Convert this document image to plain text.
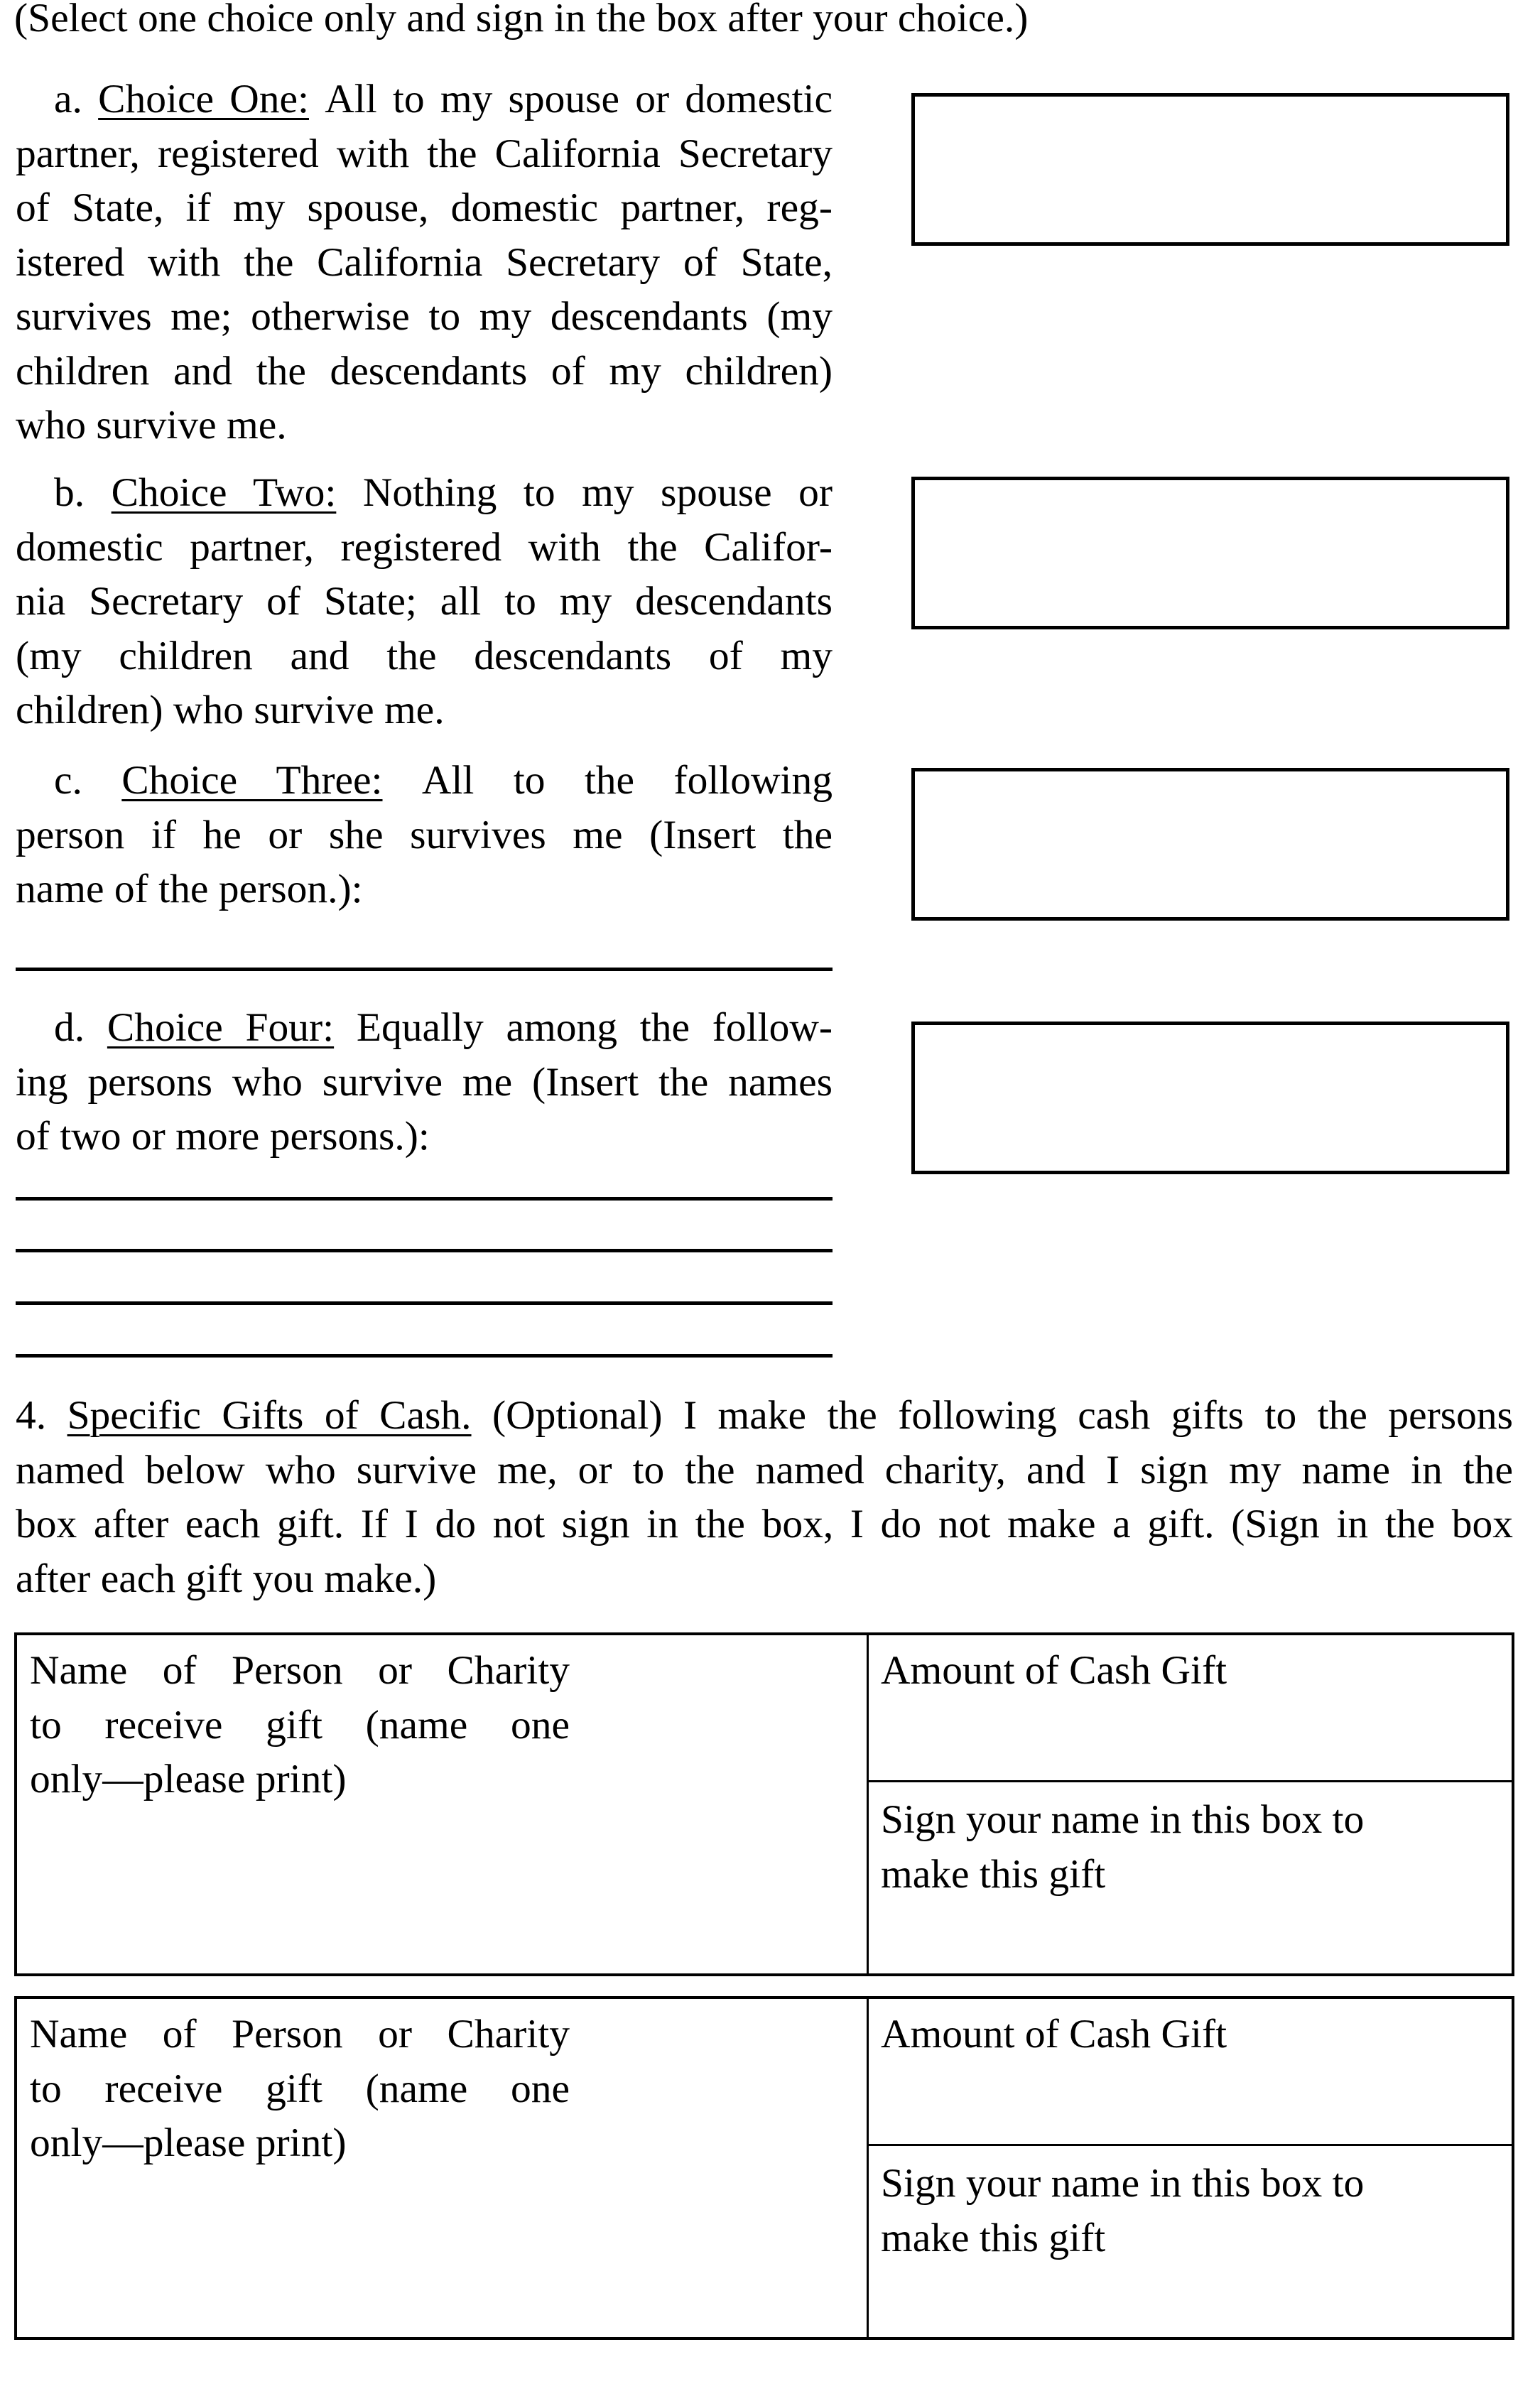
(Select one choice only and sign in the box after your choice.)
a. Choice One: All to my spouse or domestic
partner, registered with the California Secretary
of State, if my spouse, domestic partner, reg-
istered with the California Secretary of State,
survives me; otherwise to my descendants (my
children and the descendants of my children)
who survive me.
b. Choice Two: Nothing to my spouse or
domestic partner, registered with the Califor-
nia Secretary of State; all to my descendants
(my children and the descendants of my
children) who survive me.
c. Choice Three: All to the following
person if he or she survives me (Insert the
name of the person.):
d. Choice Four: Equally among the follow-
ing persons who survive me (Insert the names
of two or more persons.):
4. Specific Gifts of Cash. (Optional) I make the following cash gifts to the persons
named below who survive me, or to the named charity, and I sign my name in the
box after each gift. If I do not sign in the box, I do not make a gift. (Sign in the box
after each gift you make.)
Name of Person or Charity
to receive gift (name one
only—please print)
Amount of Cash Gift
Sign your name in this box to
make this gift
Name of Person or Charity
to receive gift (name one
only—please print)
Amount of Cash Gift
Sign your name in this box to
make this gift
